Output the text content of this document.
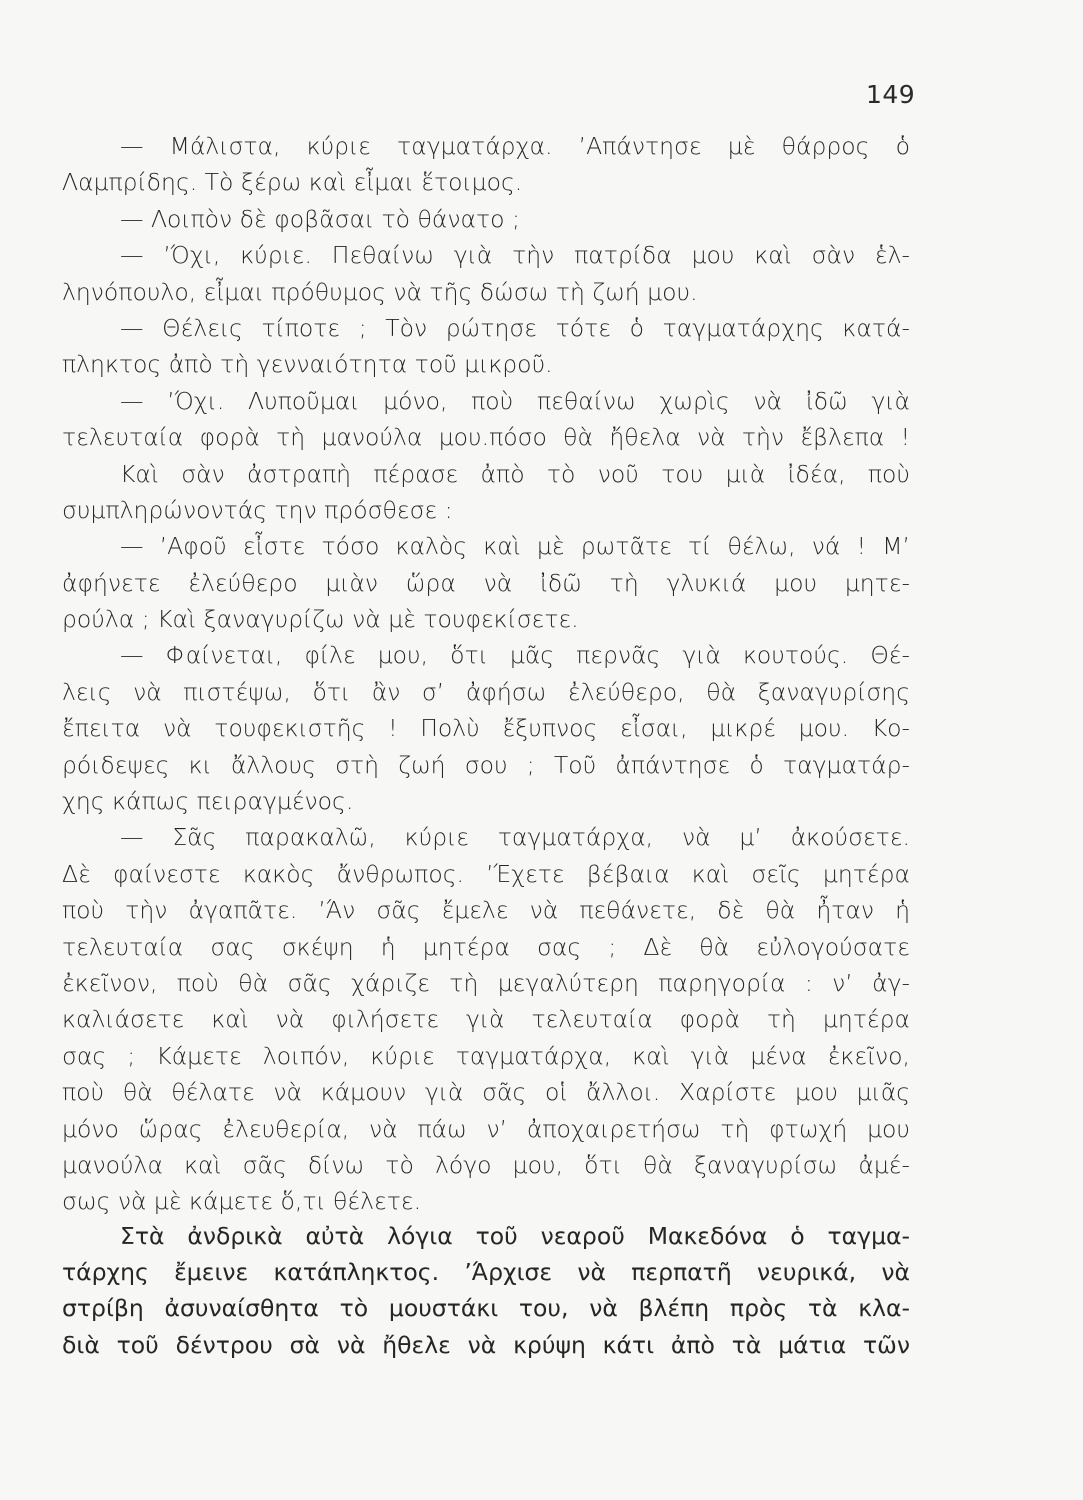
149
— Μάλιστα, κύριε ταγματάρχα. ’Απάντησε μὲ θάρρος ὁ
Λαμπρίδης. Τὸ ξέρω καὶ εἶμαι ἕτοιμος.
— Λοιπὸν δὲ φοβᾶσαι τὸ θάνατο ;
— ’Όχι, κύριε. Πεθαίνω γιὰ τὴν πατρίδα μου καὶ σὰν ἑλ-
ληνόπουλο, εἶμαι πρόθυμος νὰ τῆς δώσω τὴ ζωή μου.
— Θέλεις τίποτε ; Τὸν ρώτησε τότε ὁ ταγματάρχης κατά-
πληκτος ἀπὸ τὴ γενναιότητα τοῦ μικροῦ.
— ’Όχι. Λυποῦμαι μόνο, ποὺ πεθαίνω χωρὶς νὰ ἰδῶ γιὰ
τελευταία φορὰ τὴ μανούλα μου.πόσο θὰ ἤθελα νὰ τὴν ἔβλεπα !
Καὶ σὰν ἀστραπὴ πέρασε ἀπὸ τὸ νοῦ του μιὰ ἰδέα, ποὺ
συμπληρώνοντάς την πρόσθεσε :
— ’Αφοῦ εἶστε τόσο καλὸς καὶ μὲ ρωτᾶτε τί θέλω, νά ! Μ’
ἀφήνετε ἐλεύθερο μιὰν ὥρα νὰ ἰδῶ τὴ γλυκιά μου μητε-
ρούλα ; Καὶ ξαναγυρίζω νὰ μὲ τουφεκίσετε.
— Φαίνεται, φίλε μου, ὅτι μᾶς περνᾶς γιὰ κουτούς. Θέ-
λεις νὰ πιστέψω, ὅτι ἂν σ’ ἀφήσω ἐλεύθερο, θὰ ξαναγυρίσης
ἔπειτα νὰ τουφεκιστῆς ! Πολὺ ἔξυπνος εἶσαι, μικρέ μου. Κο-
ρόιδεψες κι ἄλλους στὴ ζωή σου ; Τοῦ ἀπάντησε ὁ ταγματάρ-
χης κάπως πειραγμένος.
— Σᾶς παρακαλῶ, κύριε ταγματάρχα, νὰ μ’ ἀκούσετε.
Δὲ φαίνεστε κακὸς ἄνθρωπος. ’Έχετε βέβαια καὶ σεῖς μητέρα
ποὺ τὴν ἀγαπᾶτε. ’Άν σᾶς ἔμελε νὰ πεθάνετε, δὲ θὰ ἦταν ἡ
τελευταία σας σκέψη ἡ μητέρα σας ; Δὲ θὰ εὐλογούσατε
ἐκεῖνον, ποὺ θὰ σᾶς χάριζε τὴ μεγαλύτερη παρηγορία : ν’ ἀγ-
καλιάσετε καὶ νὰ φιλήσετε γιὰ τελευταία φορὰ τὴ μητέρα
σας ; Κάμετε λοιπόν, κύριε ταγματάρχα, καὶ γιὰ μένα ἐκεῖνο,
ποὺ θὰ θέλατε νὰ κάμουν γιὰ σᾶς οἱ ἄλλοι. Χαρίστε μου μιᾶς
μόνο ὥρας ἐλευθερία, νὰ πάω ν’ ἀποχαιρετήσω τὴ φτωχή μου
μανούλα καὶ σᾶς δίνω τὸ λόγο μου, ὅτι θὰ ξαναγυρίσω ἀμέ-
σως νὰ μὲ κάμετε ὅ,τι θέλετε.
Στὰ ἀνδρικὰ αὐτὰ λόγια τοῦ νεαροῦ Μακεδόνα ὁ ταγμα-
τάρχης ἔμεινε κατάπληκτος. ’Άρχισε νὰ περπατῆ νευρικά, νὰ
στρίβη ἀσυναίσθητα τὸ μουστάκι του, νὰ βλέπη πρὸς τὰ κλα-
διὰ τοῦ δέντρου σὰ νὰ ἤθελε νὰ κρύψη κάτι ἀπὸ τὰ μάτια τῶν
